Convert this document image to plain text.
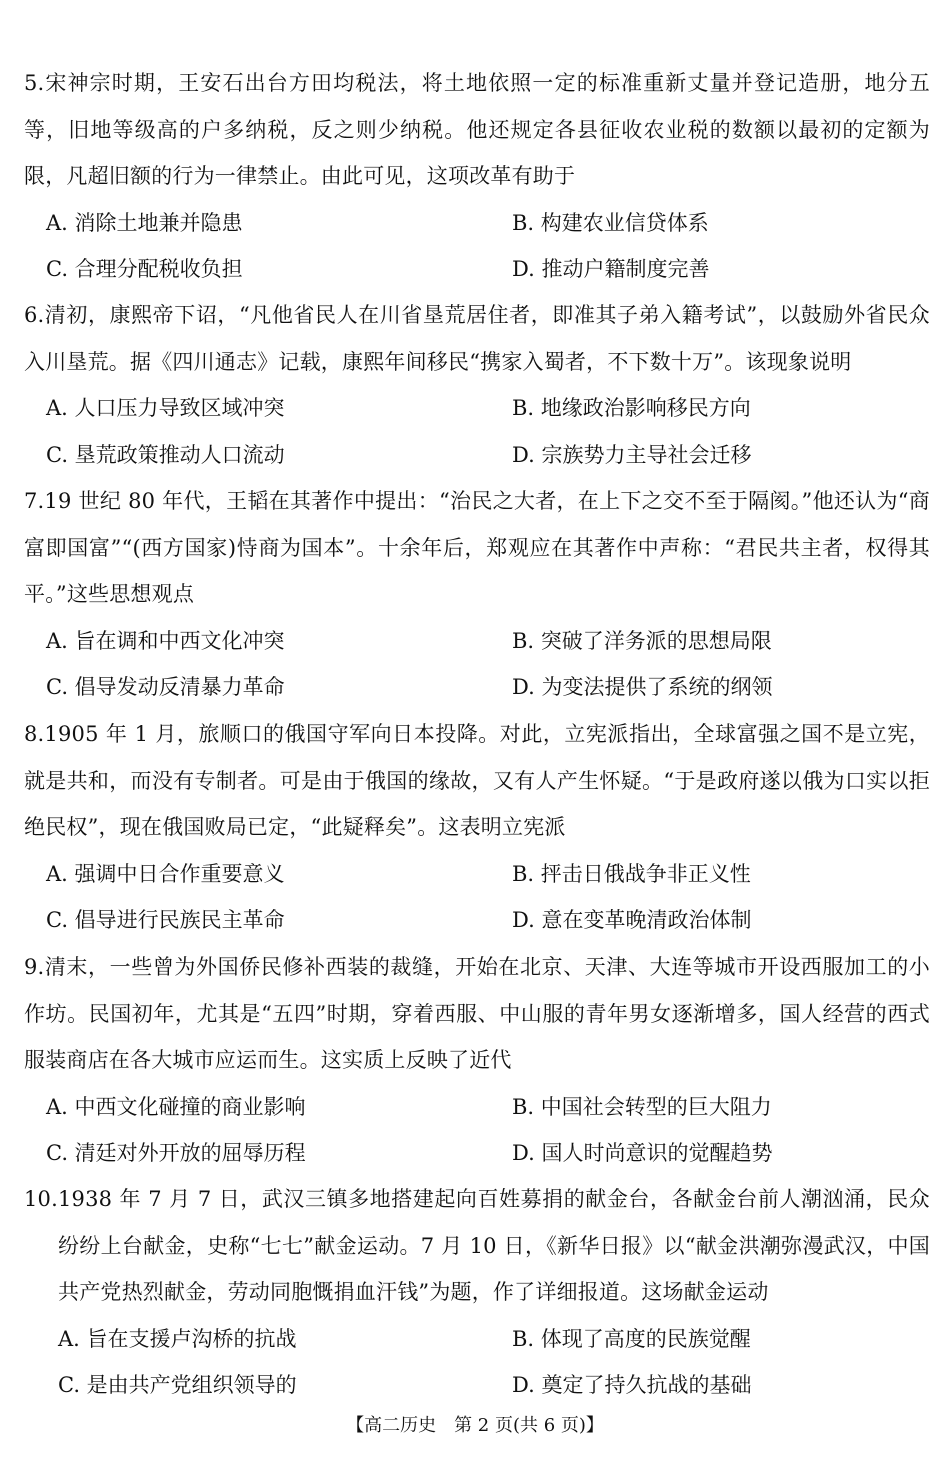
5.宋神宗时期，王安石出台方田均税法，将土地依照一定的标准重新丈量并登记造册，地分五等，旧地等级高的户多纳税，反之则少纳税。他还规定各县征收农业税的数额以最初的定额为限，凡超旧额的行为一律禁止。由此可见，这项改革有助于

A. 消除土地兼并隐患	B. 构建农业信贷体系
C. 合理分配税收负担	D. 推动户籍制度完善

6.清初，康熙帝下诏，“凡他省民人在川省垦荒居住者，即准其子弟入籍考试”，以鼓励外省民众入川垦荒。据《四川通志》记载，康熙年间移民“携家入蜀者，不下数十万”。该现象说明

A. 人口压力导致区域冲突	B. 地缘政治影响移民方向
C. 垦荒政策推动人口流动	D. 宗族势力主导社会迁移

7.19 世纪 80 年代，王韬在其著作中提出：“治民之大者，在上下之交不至于隔阂。”他还认为“商富即国富”“(西方国家)恃商为国本”。十余年后，郑观应在其著作中声称：“君民共主者，权得其平。”这些思想观点

A. 旨在调和中西文化冲突	B. 突破了洋务派的思想局限
C. 倡导发动反清暴力革命	D. 为变法提供了系统的纲领

8.1905 年 1 月，旅顺口的俄国守军向日本投降。对此，立宪派指出，全球富强之国不是立宪，就是共和，而没有专制者。可是由于俄国的缘故，又有人产生怀疑。“于是政府遂以俄为口实以拒绝民权”，现在俄国败局已定，“此疑释矣”。这表明立宪派

A. 强调中日合作重要意义	B. 抨击日俄战争非正义性
C. 倡导进行民族民主革命	D. 意在变革晚清政治体制

9.清末，一些曾为外国侨民修补西装的裁缝，开始在北京、天津、大连等城市开设西服加工的小作坊。民国初年，尤其是“五四”时期，穿着西服、中山服的青年男女逐渐增多，国人经营的西式服装商店在各大城市应运而生。这实质上反映了近代

A. 中西文化碰撞的商业影响	B. 中国社会转型的巨大阻力
C. 清廷对外开放的屈辱历程	D. 国人时尚意识的觉醒趋势

10.1938 年 7 月 7 日，武汉三镇多地搭建起向百姓募捐的献金台，各献金台前人潮汹涌，民众纷纷上台献金，史称“七七”献金运动。7 月 10 日，《新华日报》以“献金洪潮弥漫武汉，中国共产党热烈献金，劳动同胞慨捐血汗钱”为题，作了详细报道。这场献金运动

A. 旨在支援卢沟桥的抗战	B. 体现了高度的民族觉醒
C. 是由共产党组织领导的	D. 奠定了持久抗战的基础
【高二历史　第 2 页(共 6 页)】
